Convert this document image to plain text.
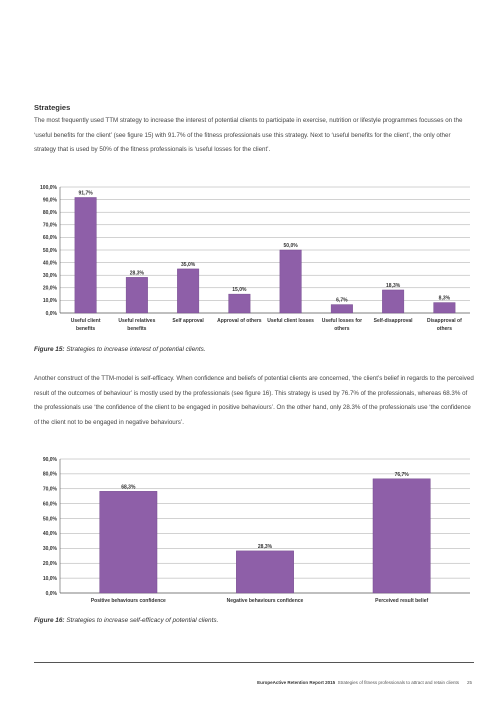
Strategies

The most frequently used TTM strategy to increase the interest of potential clients to participate in exercise, nutrition or lifestyle programmes focusses on the ‘useful benefits for the client’ (see figure 15) with 91.7% of the fitness professionals use this strategy. Next to ‘useful benefits for the client’, the only other strategy that is used by 50% of the fitness professionals is ‘useful losses for the client’.

0,0%
10,0%
20,0%
30,0%
40,0%
50,0%
60,0%
70,0%
80,0%
90,0%
100,0%
91,7%
Useful client
benefits
28,3%
Useful relatives
benefits
35,0%
Self approval
15,0%
Approval of others
50,0%
Useful client losses
6,7%
Useful losses for
others
18,3%
Self-disapproval
8,3%
Disapproval of
others
Figure 15: Strategies to increase interest of potential clients.

Another construct of the TTM-model is self-efficacy. When confidence and beliefs of potential clients are concerned, ‘the client’s belief in regards to the perceived result of the outcomes of behaviour’ is mostly used by the professionals (see figure 16). This strategy is used by 76.7% of the professionals, whereas 68.3% of the professionals use ‘the confidence of the client to be engaged in positive behaviours’. On the other hand, only 28.3% of the professionals use ‘the confidence of the client not to be engaged in negative behaviours’.

0,0%
10,0%
20,0%
30,0%
40,0%
50,0%
60,0%
70,0%
80,0%
90,0%
68,3%
Positive behaviours confidence
28,3%
Negative behaviours confidence
76,7%
Perceived result belief
Figure 16: Strategies to increase self-efficacy of potential clients.
EuropeActive Retention Report 2015 Strategies of fitness professionals to attract and retain clients 25
